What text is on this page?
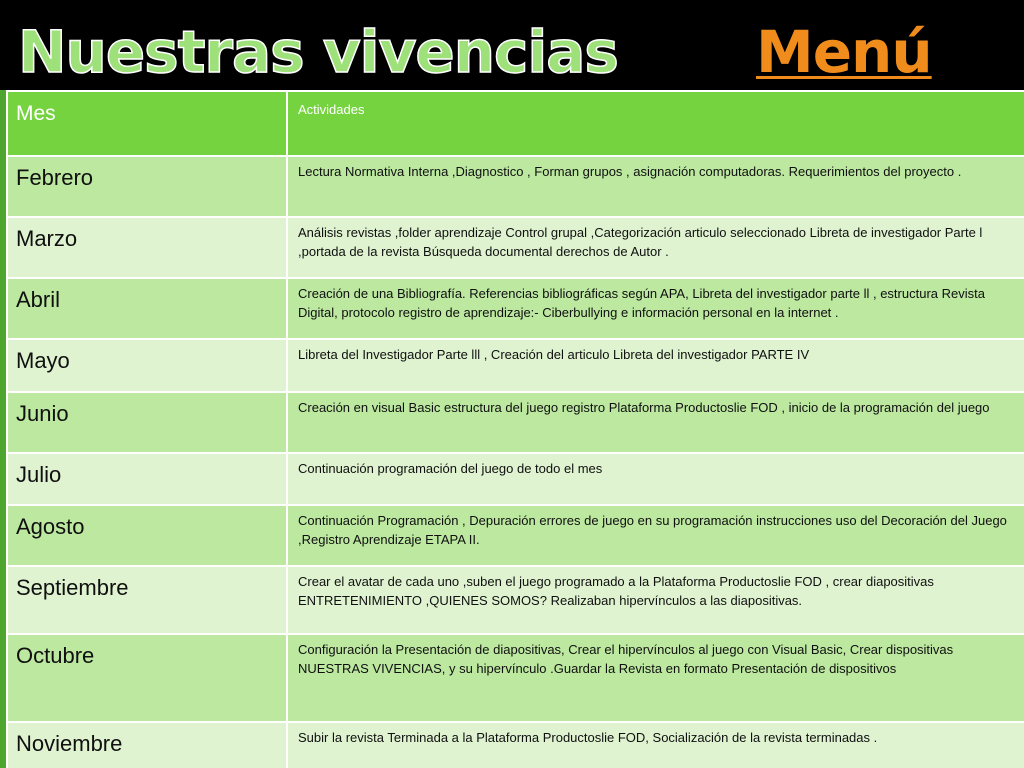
Nuestras vivencias Menú
Mes	Actividades
Febrero	Lectura Normativa Interna ,Diagnostico , Forman grupos , asignación computadoras. Requerimientos del proyecto .
Marzo	Análisis revistas ,folder aprendizaje Control grupal ,Categorización articulo seleccionado Libreta de investigador Parte l ,portada de la revista Búsqueda documental derechos de Autor .
Abril	Creación de una Bibliografía. Referencias bibliográficas según APA, Libreta del investigador parte ll , estructura Revista Digital, protocolo registro de aprendizaje:- Ciberbullying e información personal en la internet .
Mayo	Libreta del Investigador Parte lll , Creación del articulo Libreta del investigador PARTE IV
Junio	Creación en visual Basic estructura del juego registro Plataforma Productoslie FOD , inicio de la programación del juego
Julio	Continuación programación del juego de todo el mes
Agosto	Continuación Programación , Depuración errores de juego en su programación instrucciones uso del Decoración del Juego ,Registro Aprendizaje ETAPA II.
Septiembre	Crear el avatar de cada uno ,suben el juego programado a la Plataforma Productoslie FOD , crear diapositivas ENTRETENIMIENTO ,QUIENES SOMOS? Realizaban hipervínculos a las diapositivas.
Octubre	Configuración la Presentación de diapositivas, Crear el hipervínculos al juego con Visual Basic, Crear dispositivas NUESTRAS VIVENCIAS, y su hipervínculo .Guardar la Revista en formato Presentación de dispositivos
Noviembre	Subir la revista Terminada a la Plataforma Productoslie FOD, Socialización de la revista terminadas .
